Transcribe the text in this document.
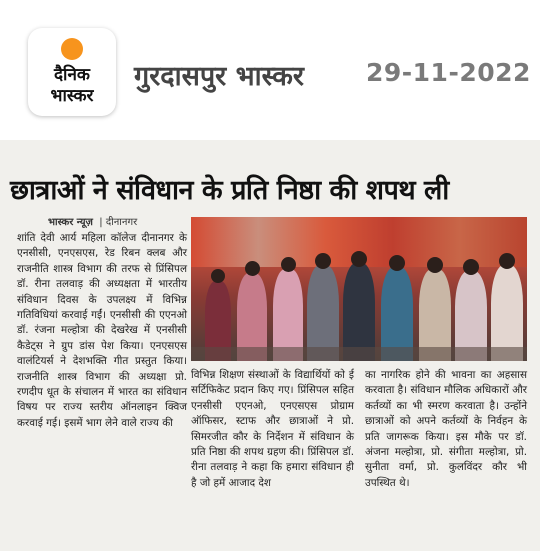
दैनिक
भास्कर
गुरदासपुर भास्कर 29-11-2022
छात्राओं ने संविधान के प्रति निष्ठा की शपथ ली
भास्कर न्यूज़  | दीनानगर
शांति देवी आर्य महिला कॉलेज दीनानगर के एनसीसी, एनएसएस, रेड रिबन क्लब और राजनीति शास्त्र विभाग की तरफ से प्रिंसिपल डॉ. रीना तलवाड़ की अध्यक्षता में भारतीय संविधान दिवस के उपलक्ष्य में विभिन्न गतिविधियां करवाई गईं। एनसीसी की एएनओ डॉ. रंजना मल्होत्रा की देखरेख में एनसीसी कैडेट्स ने ग्रुप डांस पेश किया। एनएसएस वालंटियर्स ने देशभक्ति गीत प्रस्तुत किया। राजनीति शास्त्र विभाग की अध्यक्षा प्रो. रणदीप धूत के संचालन में भारत का संविधान विषय पर राज्य स्तरीय ऑनलाइन क्विज करवाई गई। इसमें भाग लेने वाले राज्य की
विभिन्न शिक्षण संस्थाओं के विद्यार्थियों को ई सर्टिफिकेट प्रदान किए गए। प्रिंसिपल सहित एनसीसी एएनओ, एनएसएस प्रोग्राम ऑफिसर, स्टाफ और छात्राओं ने प्रो. सिमरजीत कौर के निर्देशन में संविधान के प्रति निष्ठा की शपथ ग्रहण की। प्रिंसिपल डॉ. रीना तलवाड़ ने कहा कि हमारा संविधान ही है जो हमें आजाद देश
का नागरिक होने की भावना का अहसास करवाता है। संविधान मौलिक अधिकारों और कर्तव्यों का भी स्मरण करवाता है। उन्होंने छात्राओं को अपने कर्तव्यों के निर्वहन के प्रति जागरूक किया। इस मौके पर डॉ. अंजना मल्होत्रा, प्रो. संगीता मल्होत्रा, प्रो. सुनीता वर्मा, प्रो. कुलविंदर कौर भी उपस्थित थे।
